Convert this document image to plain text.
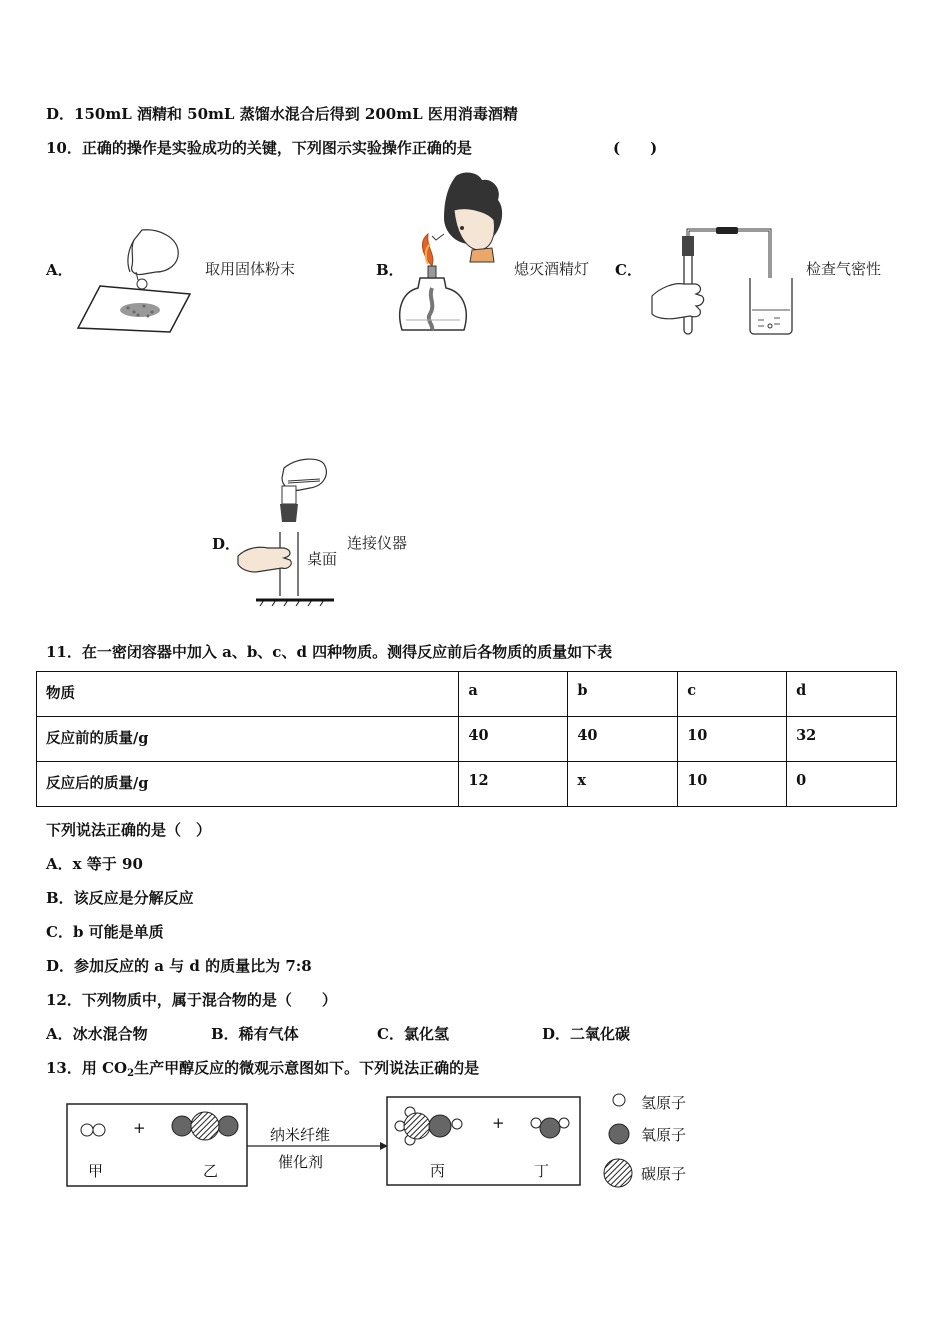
D．150mL 酒精和 50mL 蒸馏水混合后得到 200mL 医用消毒酒精
10．正确的操作是实验成功的关键，下列图示实验操作正确的是	(　　)
A．	取用固体粉末	B．	熄灭酒精灯 C．	检查气密性
D．
桌面
连接仪器
11．在一密闭容器中加入 a、b、c、d 四种物质。测得反应前后各物质的质量如下表
物质	a	b	c	d
反应前的质量/g	40	40	10	32
反应后的质量/g	12	x	10	0
下列说法正确的是（　）
A．x 等于 90
B．该反应是分解反应
C．b 可能是单质
D．参加反应的 a 与 d 的质量比为 7:8
12．下列物质中，属于混合物的是（　　）
A．冰水混合物	B．稀有气体	C．氯化氢	D．二氧化碳
13．用 $CO_2$生产甲醇反应的微观示意图如下。下列说法正确的是
+	+
甲	乙
纳米纤维
催化剂	丙	丁
氢原子
氧原子
碳原子
